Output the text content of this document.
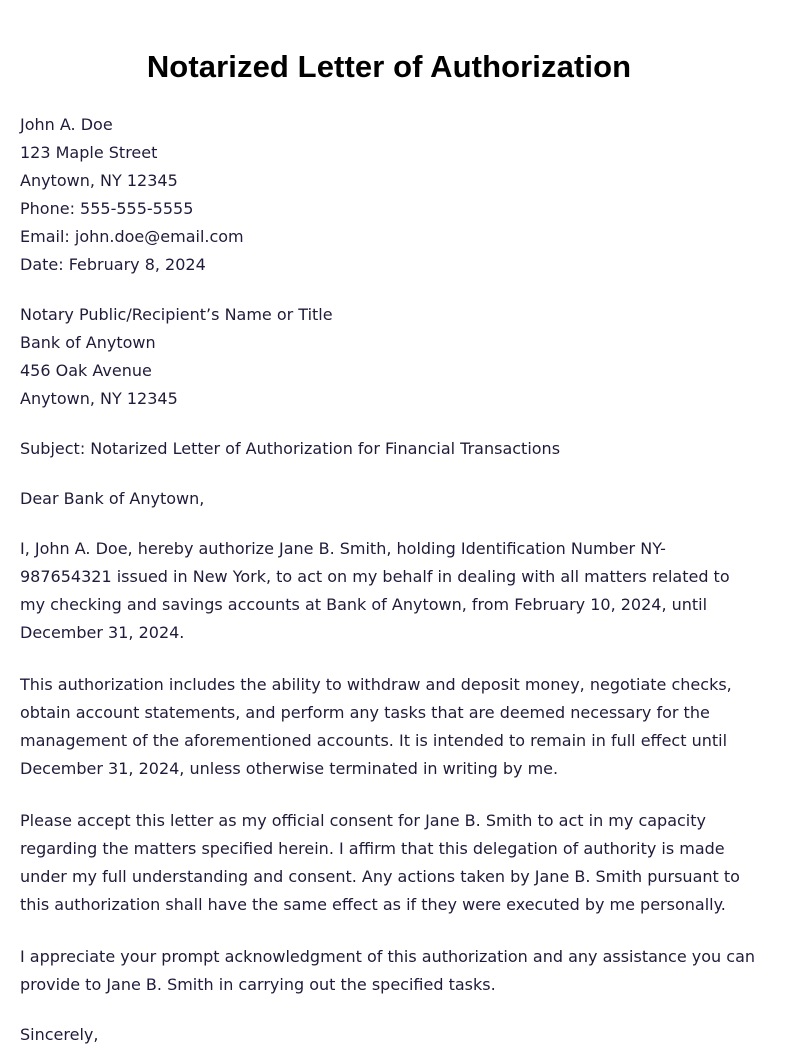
Notarized Letter of Authorization
John A. Doe
123 Maple Street
Anytown, NY 12345
Phone: 555-555-5555
Email: john.doe@email.com
Date: February 8, 2024
Notary Public/Recipient’s Name or Title
Bank of Anytown
456 Oak Avenue
Anytown, NY 12345
Subject: Notarized Letter of Authorization for Financial Transactions
Dear Bank of Anytown,

I, John A. Doe, hereby authorize Jane B. Smith, holding Identification Number NY-987654321 issued in New York, to act on my behalf in dealing with all matters related to my checking and savings accounts at Bank of Anytown, from February 10, 2024, until December 31, 2024.

This authorization includes the ability to withdraw and deposit money, negotiate checks, obtain account statements, and perform any tasks that are deemed necessary for the management of the aforementioned accounts. It is intended to remain in full effect until December 31, 2024, unless otherwise terminated in writing by me.

Please accept this letter as my official consent for Jane B. Smith to act in my capacity regarding the matters specified herein. I affirm that this delegation of authority is made under my full understanding and consent. Any actions taken by Jane B. Smith pursuant to this authorization shall have the same effect as if they were executed by me personally.

I appreciate your prompt acknowledgment of this authorization and any assistance you can provide to Jane B. Smith in carrying out the specified tasks.

Sincerely,
